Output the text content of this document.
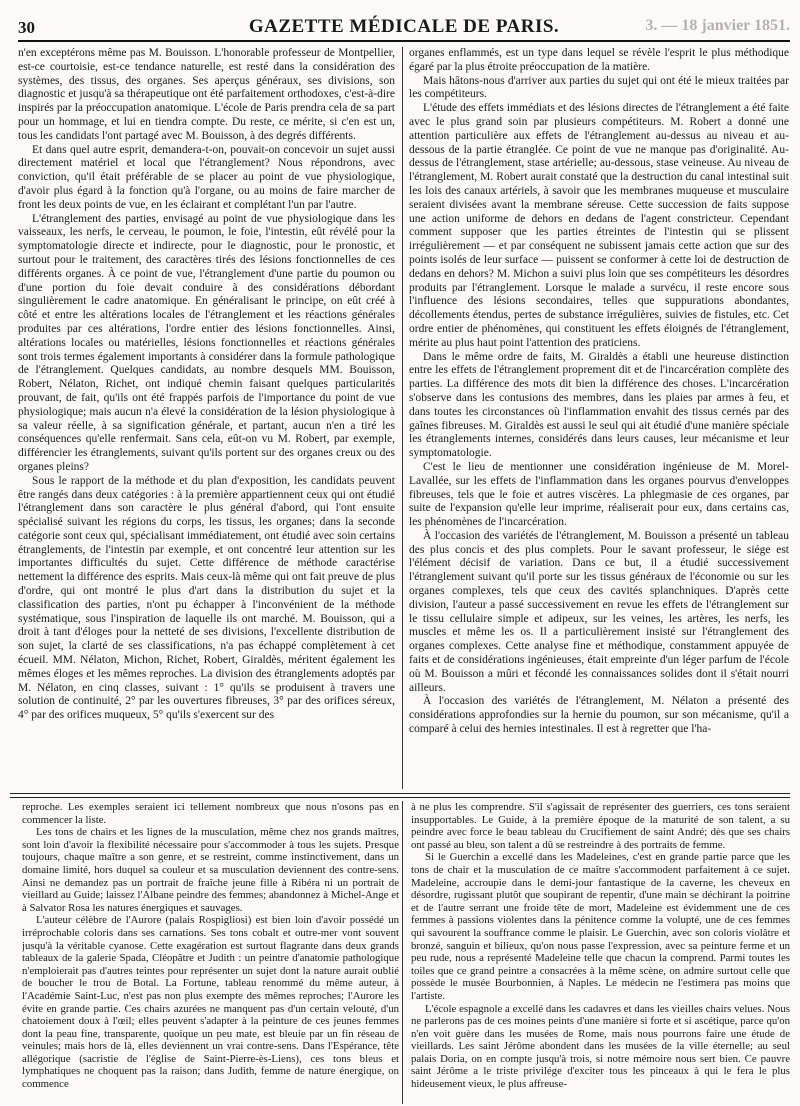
30	GAZETTE MÉDICALE DE PARIS.	3. — 18 janvier 1851.

n'en exceptérons même pas M. Bouisson. L'honorable professeur de Montpellier, est-ce courtoisie, est-ce tendance naturelle, est resté dans la considération des systèmes, des tissus, des organes. Ses aperçus généraux, ses divisions, son diagnostic et jusqu'à sa thérapeutique ont été parfaitement orthodoxes, c'est-à-dire inspirés par la préoccupation anatomique. L'école de Paris prendra cela de sa part pour un hommage, et lui en tiendra compte. Du reste, ce mérite, si c'en est un, tous les candidats l'ont partagé avec M. Bouisson, à des degrés différents.

Et dans quel autre esprit, demandera-t-on, pouvait-on concevoir un sujet aussi directement matériel et local que l'étranglement? Nous répondrons, avec conviction, qu'il était préférable de se placer au point de vue physiologique, d'avoir plus égard à la fonction qu'à l'organe, ou au moins de faire marcher de front les deux points de vue, en les éclairant et complétant l'un par l'autre.

L'étranglement des parties, envisagé au point de vue physiologique dans les vaisseaux, les nerfs, le cerveau, le poumon, le foie, l'intestin, eût révélé pour la symptomatologie directe et indirecte, pour le diagnostic, pour le pronostic, et surtout pour le traitement, des caractères tirés des lésions fonctionnelles de ces différents organes. À ce point de vue, l'étranglement d'une partie du poumon ou d'une portion du foie devait conduire à des considérations débordant singulièrement le cadre anatomique. En généralisant le principe, on eût créé à côté et entre les altérations locales de l'étranglement et les réactions générales produites par ces altérations, l'ordre entier des lésions fonctionnelles. Ainsi, altérations locales ou matérielles, lésions fonctionnelles et réactions générales sont trois termes également importants à considérer dans la formule pathologique de l'étranglement. Quelques candidats, au nombre desquels MM. Bouisson, Robert, Nélaton, Richet, ont indiqué chemin faisant quelques particularités prouvant, de fait, qu'ils ont été frappés parfois de l'importance du point de vue physiologique; mais aucun n'a élevé la considération de la lésion physiologique à sa valeur réelle, à sa signification générale, et partant, aucun n'en a tiré les conséquences qu'elle renfermait. Sans cela, eût-on vu M. Robert, par exemple, différencier les étranglements, suivant qu'ils portent sur des organes creux ou des organes pleins?

Sous le rapport de la méthode et du plan d'exposition, les candidats peuvent être rangés dans deux catégories : à la première appartiennent ceux qui ont étudié l'étranglement dans son caractère le plus général d'abord, qui l'ont ensuite spécialisé suivant les régions du corps, les tissus, les organes; dans la seconde catégorie sont ceux qui, spécialisant immédiatement, ont étudié avec soin certains étranglements, de l'intestin par exemple, et ont concentré leur attention sur les importantes difficultés du sujet. Cette différence de méthode caractérise nettement la différence des esprits. Mais ceux-là même qui ont fait preuve de plus d'ordre, qui ont montré le plus d'art dans la distribution du sujet et la classification des parties, n'ont pu échapper à l'inconvénient de la méthode systématique, sous l'inspiration de laquelle ils ont marché. M. Bouisson, qui a droit à tant d'éloges pour la netteté de ses divisions, l'excellente distribution de son sujet, la clarté de ses classifications, n'a pas échappé complètement à cet écueil. MM. Nélaton, Michon, Richet, Robert, Giraldès, méritent également les mêmes éloges et les mêmes reproches. La division des étranglements adoptés par M. Nélaton, en cinq classes, suivant : 1° qu'ils se produisent à travers une solution de continuité, 2° par les ouvertures fibreuses, 3° par des orifices séreux, 4° par des orifices muqueux, 5° qu'ils s'exercent sur des

organes enflammés, est un type dans lequel se révèle l'esprit le plus méthodique égaré par la plus étroite préoccupation de la matière.

Mais hâtons-nous d'arriver aux parties du sujet qui ont été le mieux traitées par les compétiteurs.

L'étude des effets immédiats et des lésions directes de l'étranglement a été faite avec le plus grand soin par plusieurs compétiteurs. M. Robert a donné une attention particulière aux effets de l'étranglement au-dessus au niveau et au-dessous de la partie étranglée. Ce point de vue ne manque pas d'originalité. Au-dessus de l'étranglement, stase artérielle; au-dessous, stase veineuse. Au niveau de l'étranglement, M. Robert aurait constaté que la destruction du canal intestinal suit les lois des canaux artériels, à savoir que les membranes muqueuse et musculaire seraient divisées avant la membrane séreuse. Cette succession de faits suppose une action uniforme de dehors en dedans de l'agent constricteur. Cependant comment supposer que les parties étreintes de l'intestin qui se plissent irrégulièrement — et par conséquent ne subissent jamais cette action que sur des points isolés de leur surface — puissent se conformer à cette loi de destruction de dedans en dehors? M. Michon a suivi plus loin que ses compétiteurs les désordres produits par l'étranglement. Lorsque le malade a survécu, il reste encore sous l'influence des lésions secondaires, telles que suppurations abondantes, décollements étendus, pertes de substance irrégulières, suivies de fistules, etc. Cet ordre entier de phénomènes, qui constituent les effets éloignés de l'étranglement, mérite au plus haut point l'attention des praticiens.

Dans le même ordre de faits, M. Giraldès a établi une heureuse distinction entre les effets de l'étranglement proprement dit et de l'incarcération complète des parties. La différence des mots dit bien la différence des choses. L'incarcération s'observe dans les contusions des membres, dans les plaies par armes à feu, et dans toutes les circonstances où l'inflammation envahit des tissus cernés par des gaînes fibreuses. M. Giraldès est aussi le seul qui ait étudié d'une manière spéciale les étranglements internes, considérés dans leurs causes, leur mécanisme et leur symptomatologie.

C'est le lieu de mentionner une considération ingénieuse de M. Morel-Lavallée, sur les effets de l'inflammation dans les organes pourvus d'enveloppes fibreuses, tels que le foie et autres viscères. La phlegmasie de ces organes, par suite de l'expansion qu'elle leur imprime, réaliserait pour eux, dans certains cas, les phénomènes de l'incarcération.

À l'occasion des variétés de l'étranglement, M. Bouisson a présenté un tableau des plus concis et des plus complets. Pour le savant professeur, le siége est l'élément décisif de variation. Dans ce but, il a étudié successivement l'étranglement suivant qu'il porte sur les tissus généraux de l'économie ou sur les organes complexes, tels que ceux des cavités splanchniques. D'après cette division, l'auteur a passé successivement en revue les effets de l'étranglement sur le tissu cellulaire simple et adipeux, sur les veines, les artères, les nerfs, les muscles et même les os. Il a particulièrement insisté sur l'étranglement des organes complexes. Cette analyse fine et méthodique, constamment appuyée de faits et de considérations ingénieuses, était empreinte d'un léger parfum de l'école où M. Bouisson a mûri et fécondé les connaissances solides dont il s'était nourri ailleurs.

À l'occasion des variétés de l'étranglement, M. Nélaton a présenté des considérations approfondies sur la hernie du poumon, sur son mécanisme, qu'il a comparé à celui des hernies intestinales. Il est à regretter que l'ha-

reproche. Les exemples seraient ici tellement nombreux que nous n'osons pas en commencer la liste.

Les tons de chairs et les lignes de la musculation, même chez nos grands maîtres, sont loin d'avoir la flexibilité nécessaire pour s'accommoder à tous les sujets. Presque toujours, chaque maître a son genre, et se restreint, comme instinctivement, dans un domaine limité, hors duquel sa couleur et sa musculation deviennent des contre-sens. Ainsi ne demandez pas un portrait de fraîche jeune fille à Ribéra ni un portrait de vieillard au Guide; laissez l'Albane peindre des femmes; abandonnez à Michel-Ange et à Salvator Rosa les natures énergiques et sauvages.

L'auteur célèbre de l'Aurore (palais Rospigliosi) est bien loin d'avoir possédé un irréprochable coloris dans ses carnations. Ses tons cobalt et outre-mer vont souvent jusqu'à la véritable cyanose. Cette exagération est surtout flagrante dans deux grands tableaux de la galerie Spada, Cléopâtre et Judith : un peintre d'anatomie pathologique n'emploierait pas d'autres teintes pour représenter un sujet dont la nature aurait oublié de boucher le trou de Botal. La Fortune, tableau renommé du même auteur, à l'Académie Saint-Luc, n'est pas non plus exempte des mêmes reproches; l'Aurore les évite en grande partie. Ces chairs azurées ne manquent pas d'un certain velouté, d'un chatoiement doux à l'œil; elles peuvent s'adapter à la peinture de ces jeunes femmes dont la peau fine, transparente, quoique un peu mate, est bleuie par un fin réseau de veinules; mais hors de là, elles deviennent un vrai contre-sens. Dans l'Espérance, tête allégorique (sacristie de l'église de Saint-Pierre-ès-Liens), ces tons bleus et lymphatiques ne choquent pas la raison; dans Judith, femme de nature énergique, on commence

à ne plus les comprendre. S'il s'agissait de représenter des guerriers, ces tons seraient insupportables. Le Guide, à la première époque de la maturité de son talent, a su peindre avec force le beau tableau du Crucifiement de saint André; dès que ses chairs ont passé au bleu, son talent a dû se restreindre à des portraits de femme.

Si le Guerchin a excellé dans les Madeleines, c'est en grande partie parce que les tons de chair et la musculation de ce maître s'accommodent parfaitement à ce sujet. Madeleine, accroupie dans le demi-jour fantastique de la caverne, les cheveux en désordre, rugissant plutôt que soupirant de repentir, d'une main se déchirant la poitrine et de l'autre serrant une froide tête de mort, Madeleine est évidemment une de ces femmes à passions violentes dans la pénitence comme la volupté, une de ces femmes qui savourent la souffrance comme le plaisir. Le Guerchin, avec son coloris violâtre et bronzé, sanguin et bilieux, qu'on nous passe l'expression, avec sa peinture ferme et un peu rude, nous a représenté Madeleine telle que chacun la comprend. Parmi toutes les toiles que ce grand peintre a consacrées à la même scène, on admire surtout celle que possède le musée Bourbonnien, à Naples. Le médecin ne l'estimera pas moins que l'artiste.

L'école espagnole a excellé dans les cadavres et dans les vieilles chairs velues. Nous ne parlerons pas de ces moines peints d'une manière si forte et si ascétique, parce qu'on n'en voit guère dans les musées de Rome, mais nous pourrons faire une étude de vieillards. Les saint Jérôme abondent dans les musées de la ville éternelle; au seul palais Doria, on en compte jusqu'à trois, si notre mémoire nous sert bien. Ce pauvre saint Jérôme a le triste privilége d'exciter tous les pinceaux à qui le fera le plus hideusement vieux, le plus affreuse-
